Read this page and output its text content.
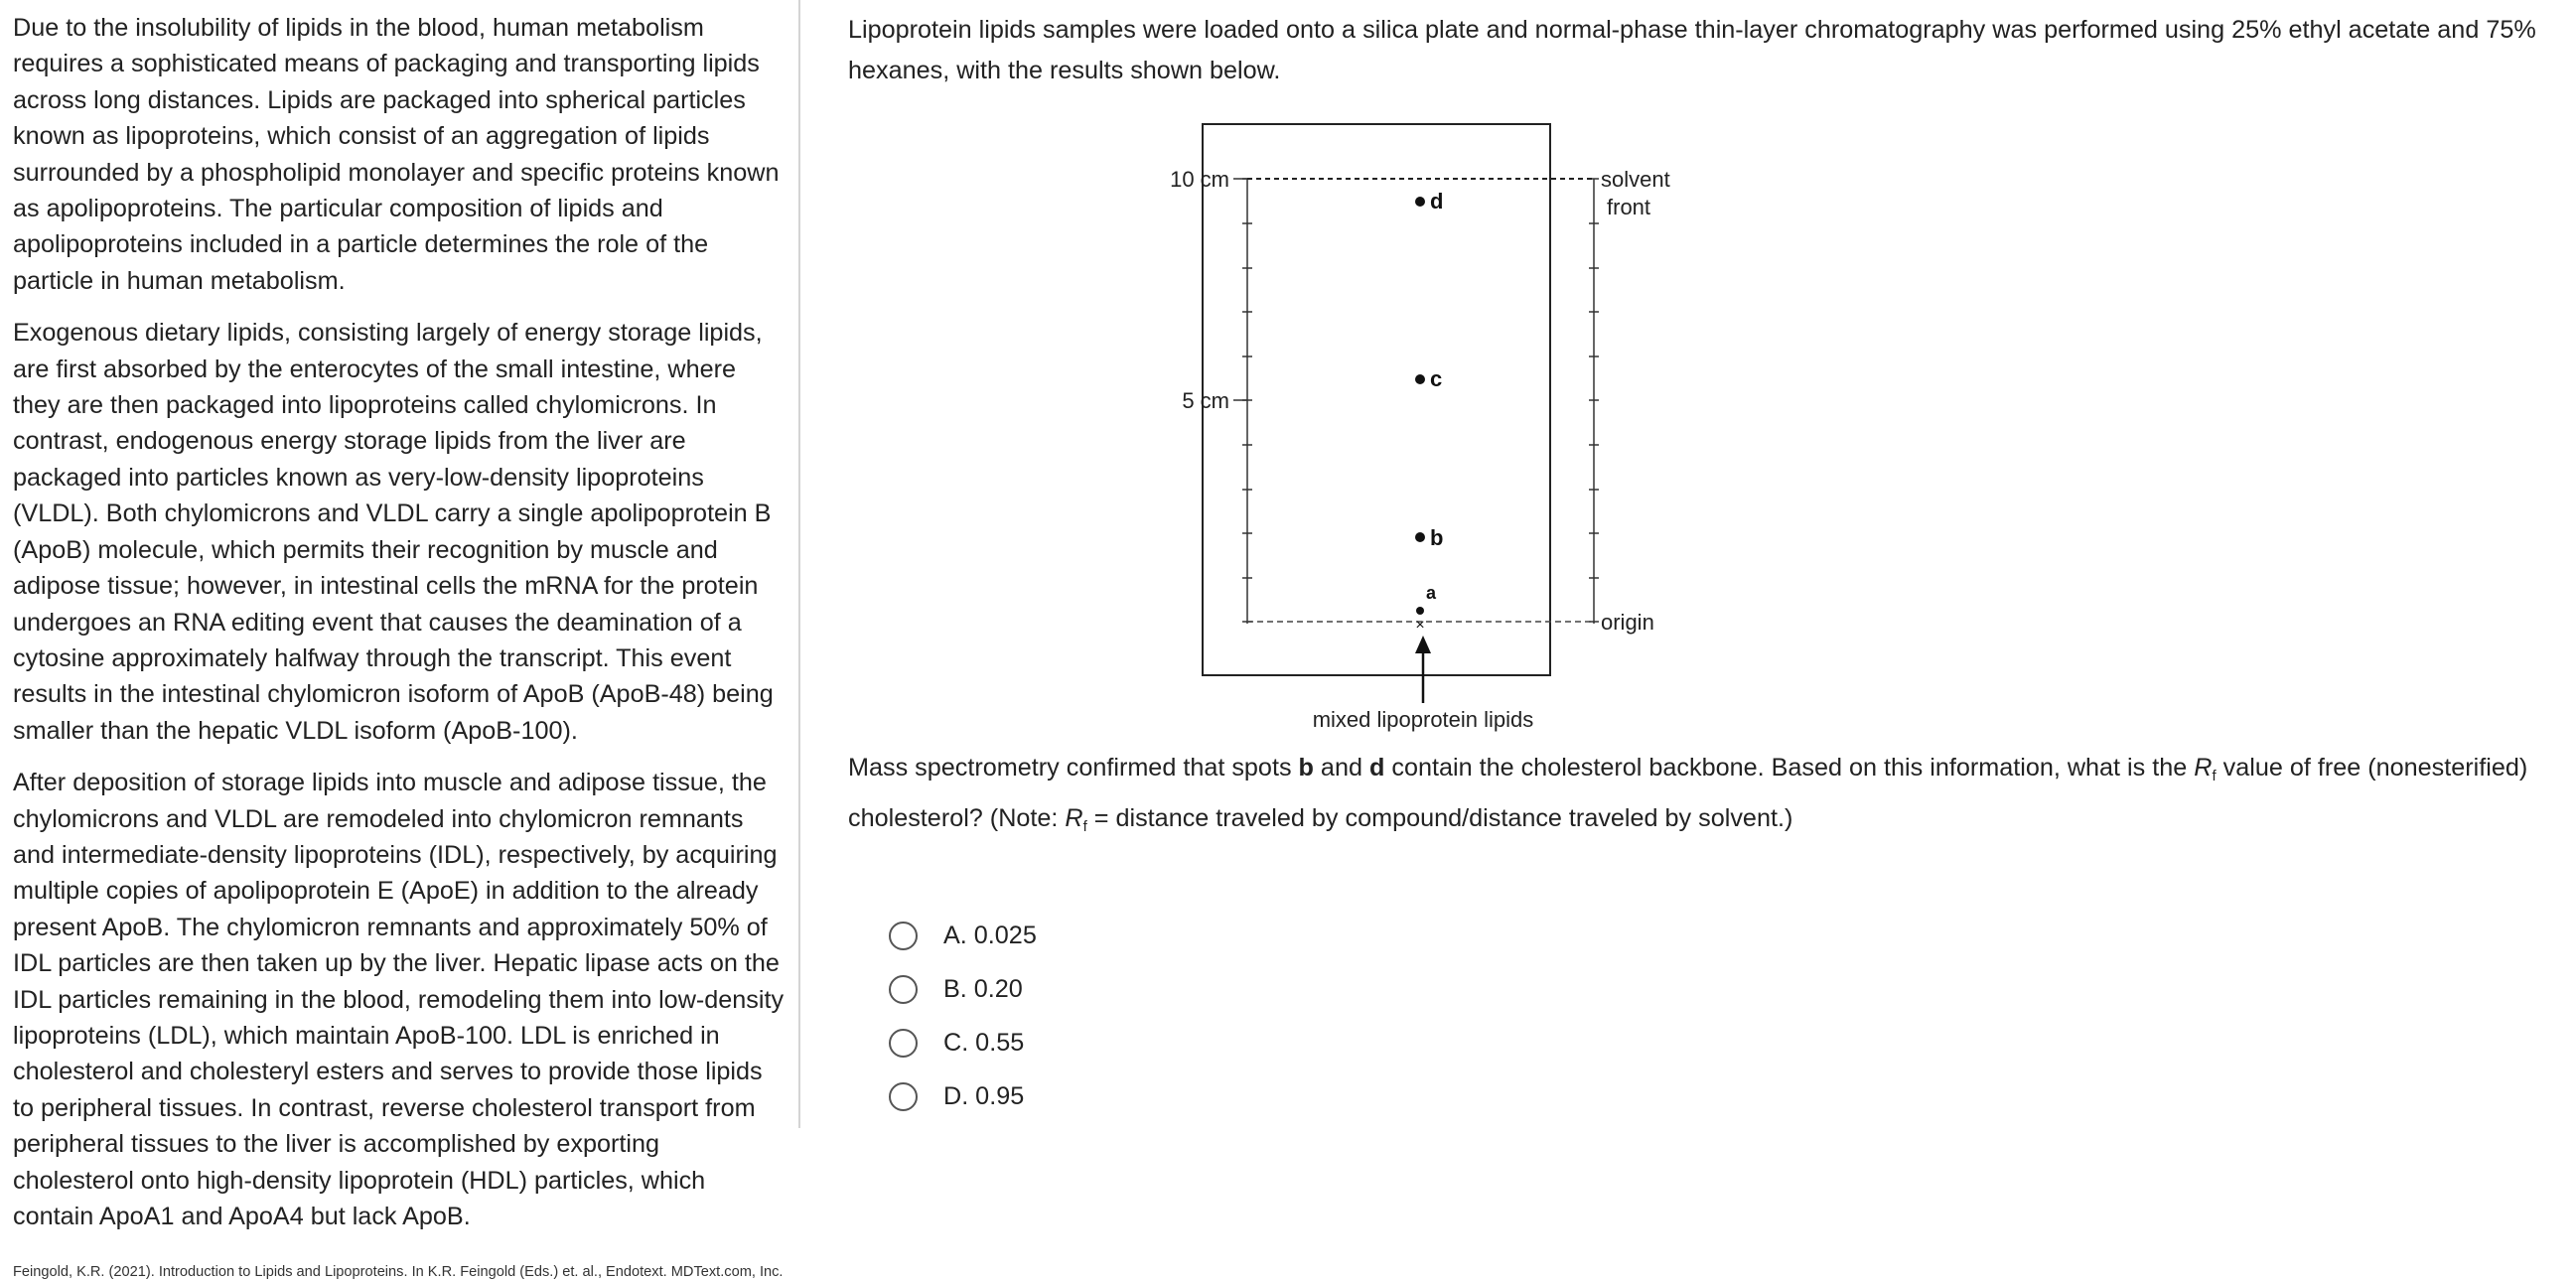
Due to the insolubility of lipids in the blood, human metabolism requires a sophisticated means of packaging and transporting lipids across long distances. Lipids are packaged into spherical particles known as lipoproteins, which consist of an aggregation of lipids surrounded by a phospholipid monolayer and specific proteins known as apolipoproteins. The particular composition of lipids and apolipoproteins included in a particle determines the role of the particle in human metabolism.

Exogenous dietary lipids, consisting largely of energy storage lipids, are first absorbed by the enterocytes of the small intestine, where they are then packaged into lipoproteins called chylomicrons. In contrast, endogenous energy storage lipids from the liver are packaged into particles known as very-low-density lipoproteins (VLDL). Both chylomicrons and VLDL carry a single apolipoprotein B (ApoB) molecule, which permits their recognition by muscle and adipose tissue; however, in intestinal cells the mRNA for the protein undergoes an RNA editing event that causes the deamination of a cytosine approximately halfway through the transcript. This event results in the intestinal chylomicron isoform of ApoB (ApoB-48) being smaller than the hepatic VLDL isoform (ApoB-100).

After deposition of storage lipids into muscle and adipose tissue, the chylomicrons and VLDL are remodeled into chylomicron remnants and intermediate-density lipoproteins (IDL), respectively, by acquiring multiple copies of apolipoprotein E (ApoE) in addition to the already present ApoB. The chylomicron remnants and approximately 50% of IDL particles are then taken up by the liver. Hepatic lipase acts on the IDL particles remaining in the blood, remodeling them into low-density lipoproteins (LDL), which maintain ApoB-100. LDL is enriched in cholesterol and cholesteryl esters and serves to provide those lipids to peripheral tissues. In contrast, reverse cholesterol transport from peripheral tissues to the liver is accomplished by exporting cholesterol onto high-density lipoprotein (HDL) particles, which contain ApoA1 and ApoA4 but lack ApoB.

Feingold, K.R. (2021). Introduction to Lipids and Lipoproteins. In K.R. Feingold (Eds.) et. al., Endotext. MDText.com, Inc.

Lipoprotein lipids samples were loaded onto a silica plate and normal-phase thin-layer chromatography was performed using 25% ethyl acetate and 75% hexanes, with the results shown below.

10 cm
5 cm
solvent
front
origin
d
c
b
a
×
mixed lipoprotein lipids

Mass spectrometry confirmed that spots b and d contain the cholesterol backbone. Based on this information, what is the $R_f$ value of free (nonesterified) cholesterol? (Note: $R_f$ = distance traveled by compound/distance traveled by solvent.)

A. 0.025
B. 0.20
C. 0.55
D. 0.95
